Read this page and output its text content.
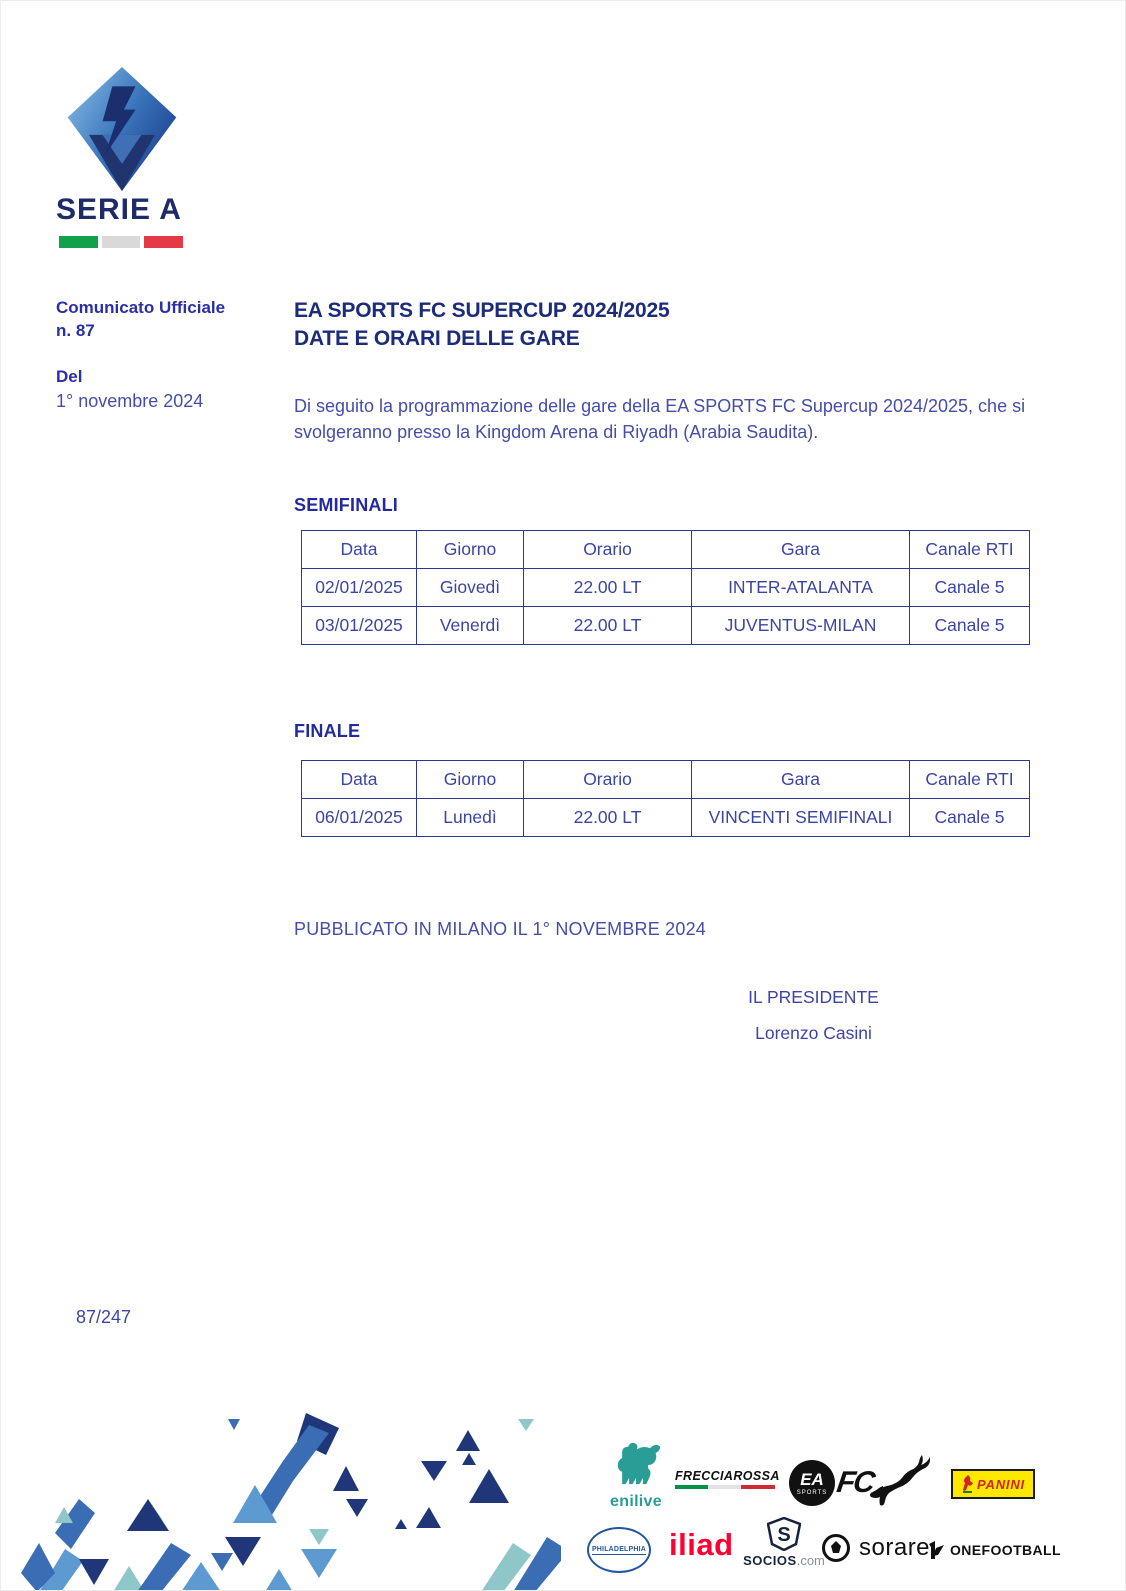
SERIE A
Comunicato Ufficiale
n. 87
Del
1° novembre 2024
EA SPORTS FC SUPERCUP 2024/2025
DATE E ORARI DELLE GARE
Di seguito la programmazione delle gare della EA SPORTS FC Supercup 2024/2025, che si svolgeranno presso la Kingdom Arena di Riyadh (Arabia Saudita).
SEMIFINALI
Data	Giorno	Orario	Gara	Canale RTI
02/01/2025	Giovedì	22.00 LT	INTER-ATALANTA	Canale 5
03/01/2025	Venerdì	22.00 LT	JUVENTUS-MILAN	Canale 5
FINALE
Data	Giorno	Orario	Gara	Canale RTI
06/01/2025	Lunedì	22.00 LT	VINCENTI SEMIFINALI	Canale 5
PUBBLICATO IN MILANO IL 1° NOVEMBRE 2024
IL PRESIDENTE
Lorenzo Casini
87/247
enilive
FRECCIAROSSA EA
SPORTS FC	PANINI
PHILADELPHIA iliad S
SOCIOS.com sorare ONEFOOTBALL
